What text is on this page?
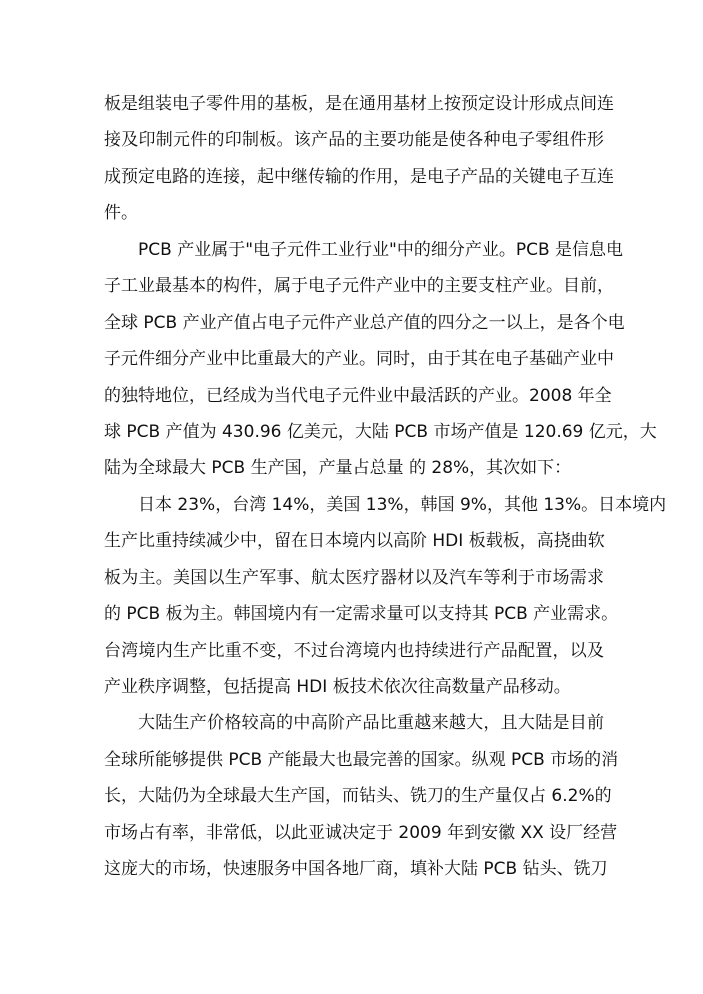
板是组装电子零件用的基板，是在通用基材上按预定设计形成点间连
接及印制元件的印制板。该产品的主要功能是使各种电子零组件形
成预定电路的连接，起中继传输的作用，是电子产品的关键电子互连
件。
PCB 产业属于"电子元件工业行业"中的细分产业。PCB 是信息电
子工业最基本的构件，属于电子元件产业中的主要支柱产业。目前，
全球 PCB 产业产值占电子元件产业总产值的四分之一以上，是各个电
子元件细分产业中比重最大的产业。同时，由于其在电子基础产业中
的独特地位，已经成为当代电子元件业中最活跃的产业。2008 年全
球 PCB 产值为 430.96 亿美元，大陆 PCB 市场产值是 120.69 亿元，大
陆为全球最大 PCB 生产国，产量占总量 的 28%，其次如下：
日本 23%，台湾 14%，美国 13%，韩国 9%，其他 13%。日本境内
生产比重持续减少中，留在日本境内以高阶 HDI 板载板，高挠曲软
板为主。美国以生产军事、航太医疗器材以及汽车等利于市场需求
的 PCB 板为主。韩国境内有一定需求量可以支持其 PCB 产业需求。
台湾境内生产比重不变，不过台湾境内也持续进行产品配置，以及
产业秩序调整，包括提高 HDI 板技术依次往高数量产品移动。
大陆生产价格较高的中高阶产品比重越来越大，且大陆是目前
全球所能够提供 PCB 产能最大也最完善的国家。纵观 PCB 市场的消
长，大陆仍为全球最大生产国，而钻头、铣刀的生产量仅占 6.2%的
市场占有率，非常低，以此亚诚决定于 2009 年到安徽 XX 设厂经营
这庞大的市场，快速服务中国各地厂商，填补大陆 PCB 钻头、铣刀
